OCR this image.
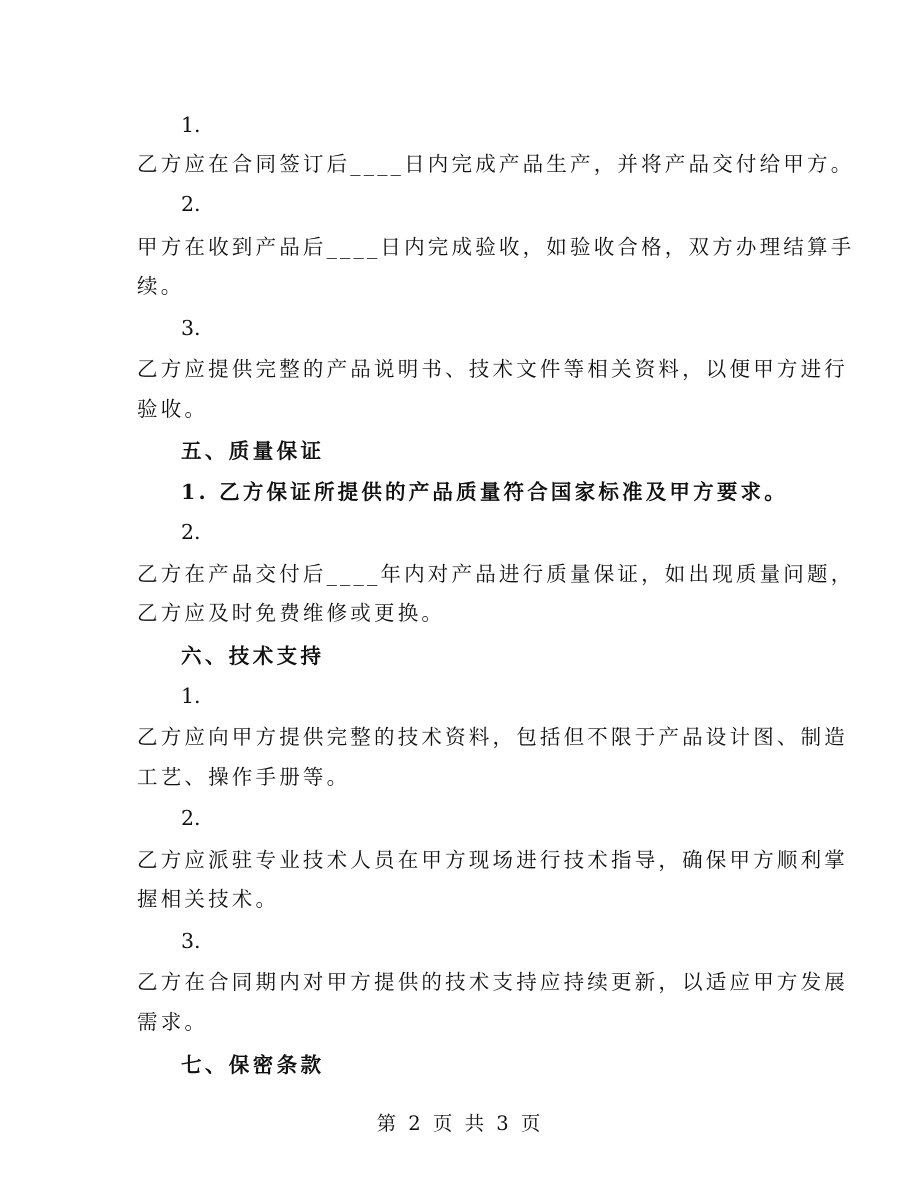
1.
乙方应在合同签订后____日内完成产品生产，并将产品交付给甲方。
2.
甲方在收到产品后____日内完成验收，如验收合格，双方办理结算手
续。
3.
乙方应提供完整的产品说明书、技术文件等相关资料，以便甲方进行
验收。
五、质量保证
1. 乙方保证所提供的产品质量符合国家标准及甲方要求。
2.
乙方在产品交付后____年内对产品进行质量保证，如出现质量问题，
乙方应及时免费维修或更换。
六、技术支持
1.
乙方应向甲方提供完整的技术资料，包括但不限于产品设计图、制造
工艺、操作手册等。
2.
乙方应派驻专业技术人员在甲方现场进行技术指导，确保甲方顺利掌
握相关技术。
3.
乙方在合同期内对甲方提供的技术支持应持续更新，以适应甲方发展
需求。
七、保密条款
第 2 页 共 3 页
